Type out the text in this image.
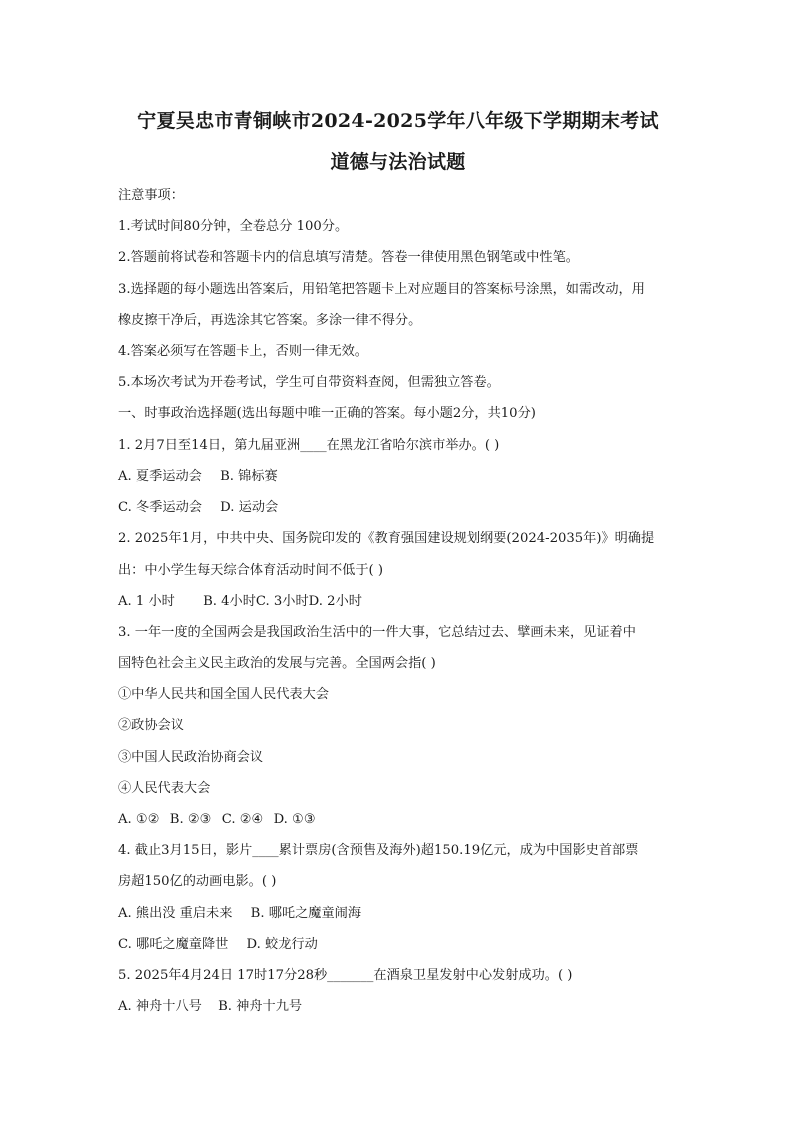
宁夏吴忠市青铜峡市2024-2025学年八年级下学期期末考试
道德与法治试题
注意事项：
1.考试时间80分钟，全卷总分 100分。
2.答题前将试卷和答题卡内的信息填写清楚。答卷一律使用黑色钢笔或中性笔。
3.选择题的每小题选出答案后，用铅笔把答题卡上对应题目的答案标号涂黑，如需改动，用
橡皮擦干净后，再选涂其它答案。多涂一律不得分。
4.答案必须写在答题卡上，否则一律无效。
5.本场次考试为开卷考试，学生可自带资料查阅，但需独立答卷。
一、时事政治选择题(选出每题中唯一正确的答案。每小题2分，共10分)
1. 2月7日至14日，第九届亚洲____在黑龙江省哈尔滨市举办。( )
A. 夏季运动会 B. 锦标赛
C. 冬季运动会 D. 运动会
2. 2025年1月，中共中央、国务院印发的《教育强国建设规划纲要(2024-2035年)》明确提
出：中小学生每天综合体育活动时间不低于( )
A. 1 小时 B. 4小时C. 3小时D. 2小时
3. 一年一度的全国两会是我国政治生活中的一件大事，它总结过去、擘画未来，见证着中
国特色社会主义民主政治的发展与完善。全国两会指( )
①中华人民共和国全国人民代表大会
②政协会议
③中国人民政治协商会议
④人民代表大会
A. ①② B. ②③ C. ②④ D. ①③
4. 截止3月15日，影片____累计票房(含预售及海外)超150.19亿元，成为中国影史首部票
房超150亿的动画电影。( )
A. 熊出没 重启未来 B. 哪吒之魔童闹海
C. 哪吒之魔童降世 D. 蛟龙行动
5. 2025年4月24日 17时17分28秒_______在酒泉卫星发射中心发射成功。( )
A. 神舟十八号 B. 神舟十九号
